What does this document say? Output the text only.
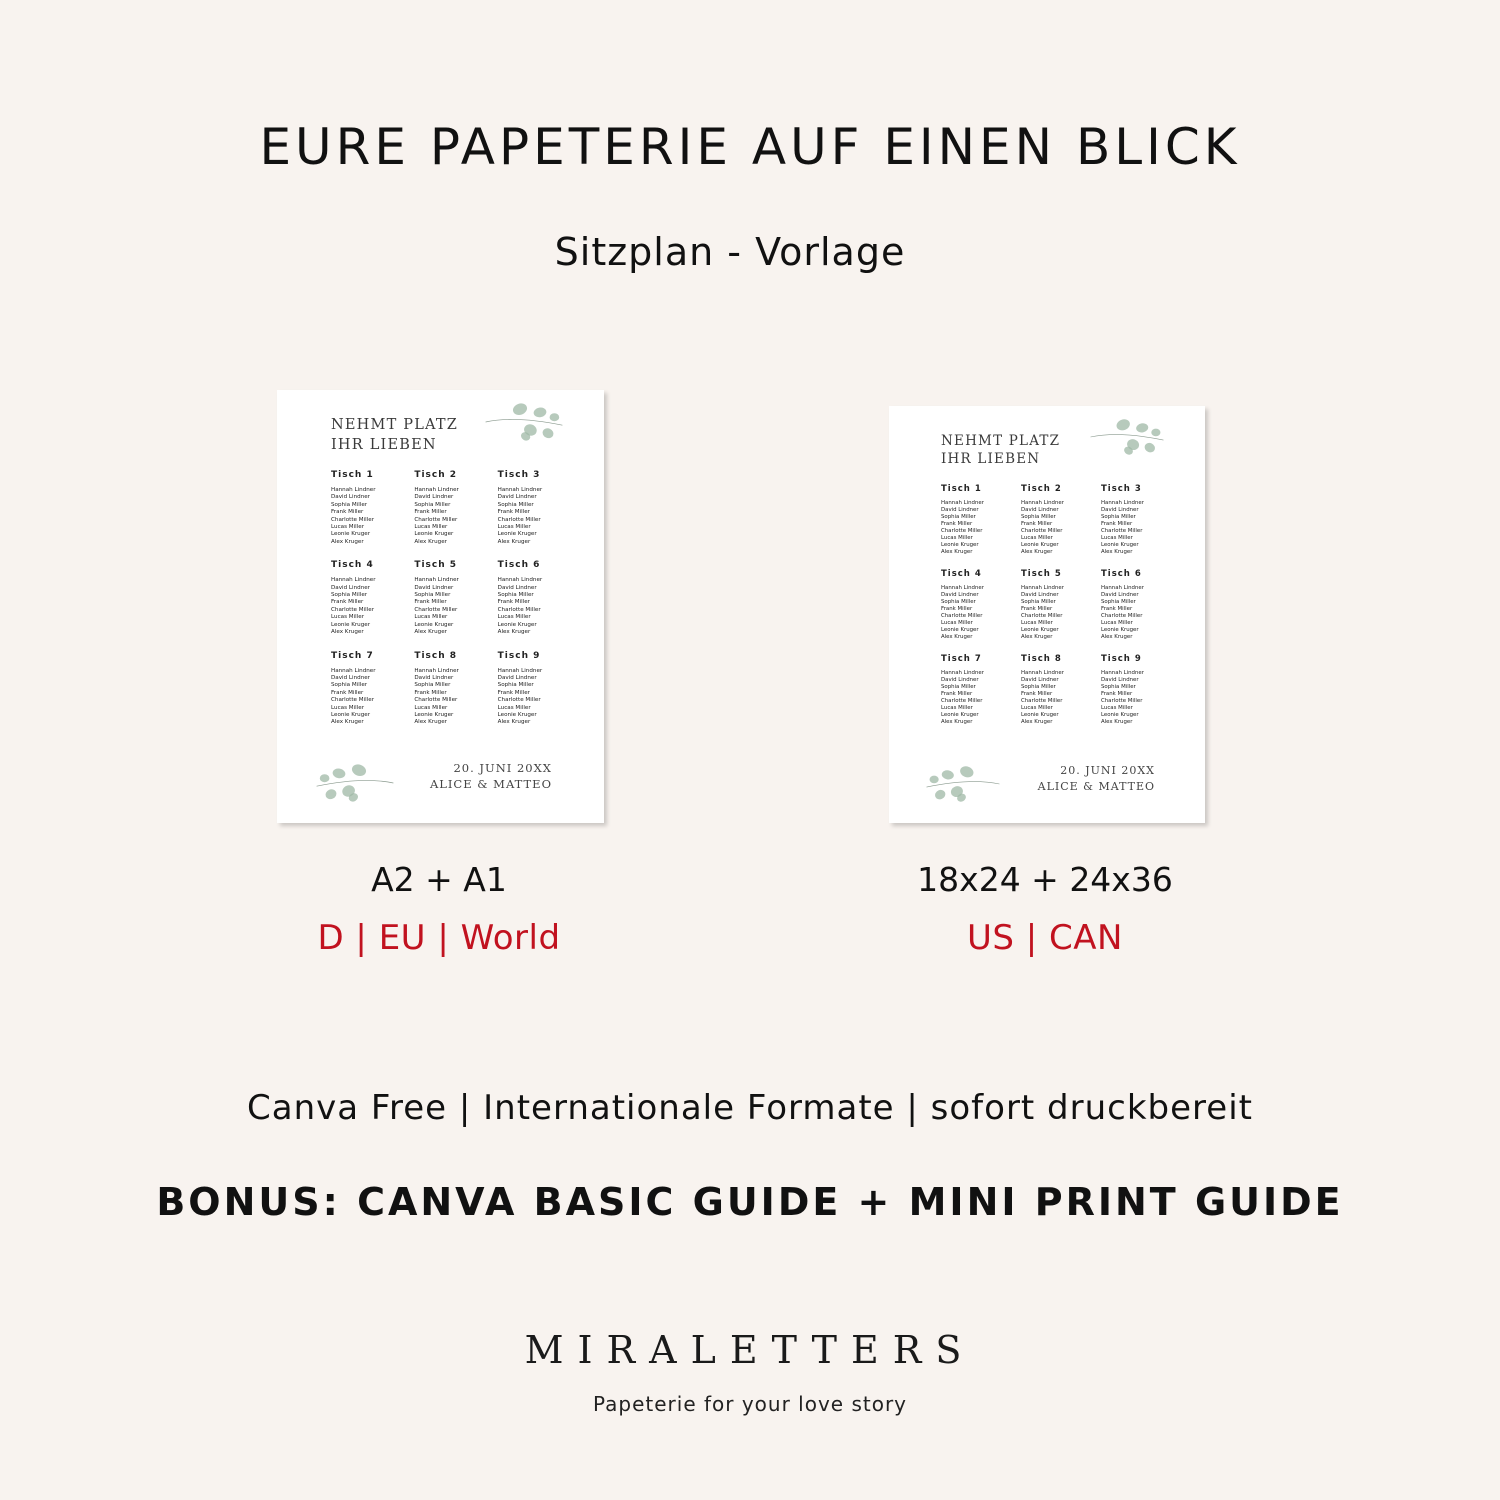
EURE PAPETERIE AUF EINEN BLICK
Sitzplan - Vorlage
NEHMT PLATZ
IHR LIEBEN
Tisch 1
Hannah Lindner
David Lindner
Sophia Miller
Frank Miller
Charlotte Miller
Lucas Miller
Leonie Kruger
Alex Kruger
Tisch 2
Hannah Lindner
David Lindner
Sophia Miller
Frank Miller
Charlotte Miller
Lucas Miller
Leonie Kruger
Alex Kruger
Tisch 3
Hannah Lindner
David Lindner
Sophia Miller
Frank Miller
Charlotte Miller
Lucas Miller
Leonie Kruger
Alex Kruger
Tisch 4
Hannah Lindner
David Lindner
Sophia Miller
Frank Miller
Charlotte Miller
Lucas Miller
Leonie Kruger
Alex Kruger
Tisch 5
Hannah Lindner
David Lindner
Sophia Miller
Frank Miller
Charlotte Miller
Lucas Miller
Leonie Kruger
Alex Kruger
Tisch 6
Hannah Lindner
David Lindner
Sophia Miller
Frank Miller
Charlotte Miller
Lucas Miller
Leonie Kruger
Alex Kruger
Tisch 7
Hannah Lindner
David Lindner
Sophia Miller
Frank Miller
Charlotte Miller
Lucas Miller
Leonie Kruger
Alex Kruger
Tisch 8
Hannah Lindner
David Lindner
Sophia Miller
Frank Miller
Charlotte Miller
Lucas Miller
Leonie Kruger
Alex Kruger
Tisch 9
Hannah Lindner
David Lindner
Sophia Miller
Frank Miller
Charlotte Miller
Lucas Miller
Leonie Kruger
Alex Kruger
20. JUNI 20XX
ALICE & MATTEO
NEHMT PLATZ
IHR LIEBEN
Tisch 1
Hannah Lindner
David Lindner
Sophia Miller
Frank Miller
Charlotte Miller
Lucas Miller
Leonie Kruger
Alex Kruger
Tisch 2
Hannah Lindner
David Lindner
Sophia Miller
Frank Miller
Charlotte Miller
Lucas Miller
Leonie Kruger
Alex Kruger
Tisch 3
Hannah Lindner
David Lindner
Sophia Miller
Frank Miller
Charlotte Miller
Lucas Miller
Leonie Kruger
Alex Kruger
Tisch 4
Hannah Lindner
David Lindner
Sophia Miller
Frank Miller
Charlotte Miller
Lucas Miller
Leonie Kruger
Alex Kruger
Tisch 5
Hannah Lindner
David Lindner
Sophia Miller
Frank Miller
Charlotte Miller
Lucas Miller
Leonie Kruger
Alex Kruger
Tisch 6
Hannah Lindner
David Lindner
Sophia Miller
Frank Miller
Charlotte Miller
Lucas Miller
Leonie Kruger
Alex Kruger
Tisch 7
Hannah Lindner
David Lindner
Sophia Miller
Frank Miller
Charlotte Miller
Lucas Miller
Leonie Kruger
Alex Kruger
Tisch 8
Hannah Lindner
David Lindner
Sophia Miller
Frank Miller
Charlotte Miller
Lucas Miller
Leonie Kruger
Alex Kruger
Tisch 9
Hannah Lindner
David Lindner
Sophia Miller
Frank Miller
Charlotte Miller
Lucas Miller
Leonie Kruger
Alex Kruger
20. JUNI 20XX
ALICE & MATTEO
A2 + A1
D | EU | World
18x24 + 24x36
US | CAN
Canva Free | Internationale Formate | sofort druckbereit
BONUS: CANVA BASIC GUIDE + MINI PRINT GUIDE
MIRALETTERS
Papeterie for your love story
